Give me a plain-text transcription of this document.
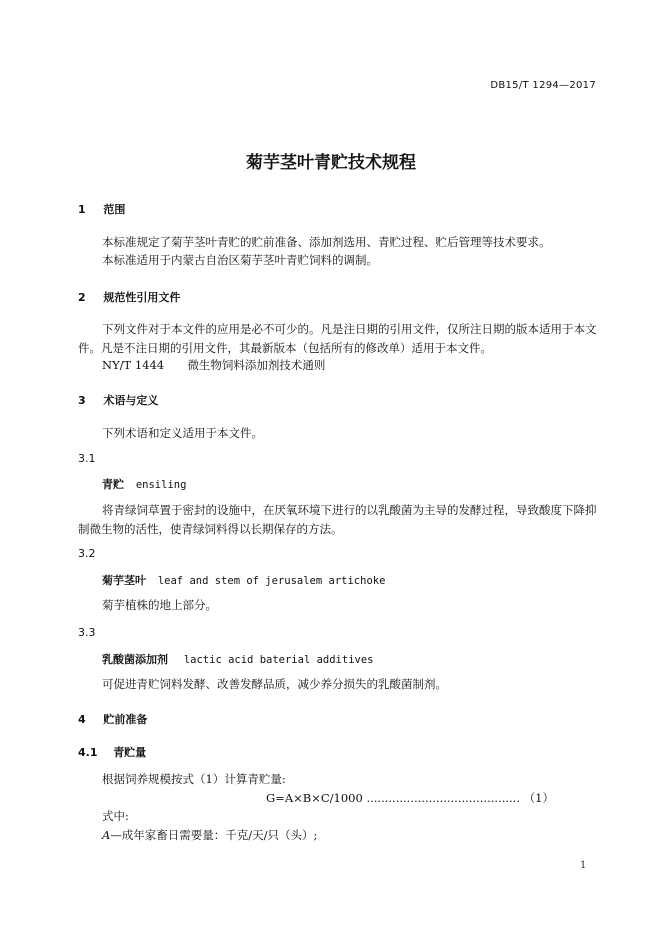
DB15/T 1294—2017
菊芋茎叶青贮技术规程
1 范围
本标准规定了菊芋茎叶青贮的贮前准备、添加剂选用、青贮过程、贮后管理等技术要求。
本标准适用于内蒙古自治区菊芋茎叶青贮饲料的调制。
2 规范性引用文件
下列文件对于本文件的应用是必不可少的。凡是注日期的引用文件，仅所注日期的版本适用于本文件。凡是不注日期的引用文件，其最新版本（包括所有的修改单）适用于本文件。
NY/T 1444 微生物饲料添加剂技术通则
3 术语与定义
下列术语和定义适用于本文件。
3.1
青贮 ensiling
将青绿饲草置于密封的设施中，在厌氧环境下进行的以乳酸菌为主导的发酵过程，导致酸度下降抑制微生物的活性，使青绿饲料得以长期保存的方法。
3.2
菊芋茎叶 leaf and stem of jerusalem artichoke
菊芋植株的地上部分。
3.3
乳酸菌添加剂 lactic acid baterial additives
可促进青贮饲料发酵、改善发酵品质，减少养分损失的乳酸菌制剂。
4 贮前准备
4.1 青贮量
根据饲养规模按式（1）计算青贮量:
G=A×B×C/1000 .......................................... （1）
式中:
A—成年家畜日需要量：千克/天/只（头）;
1
